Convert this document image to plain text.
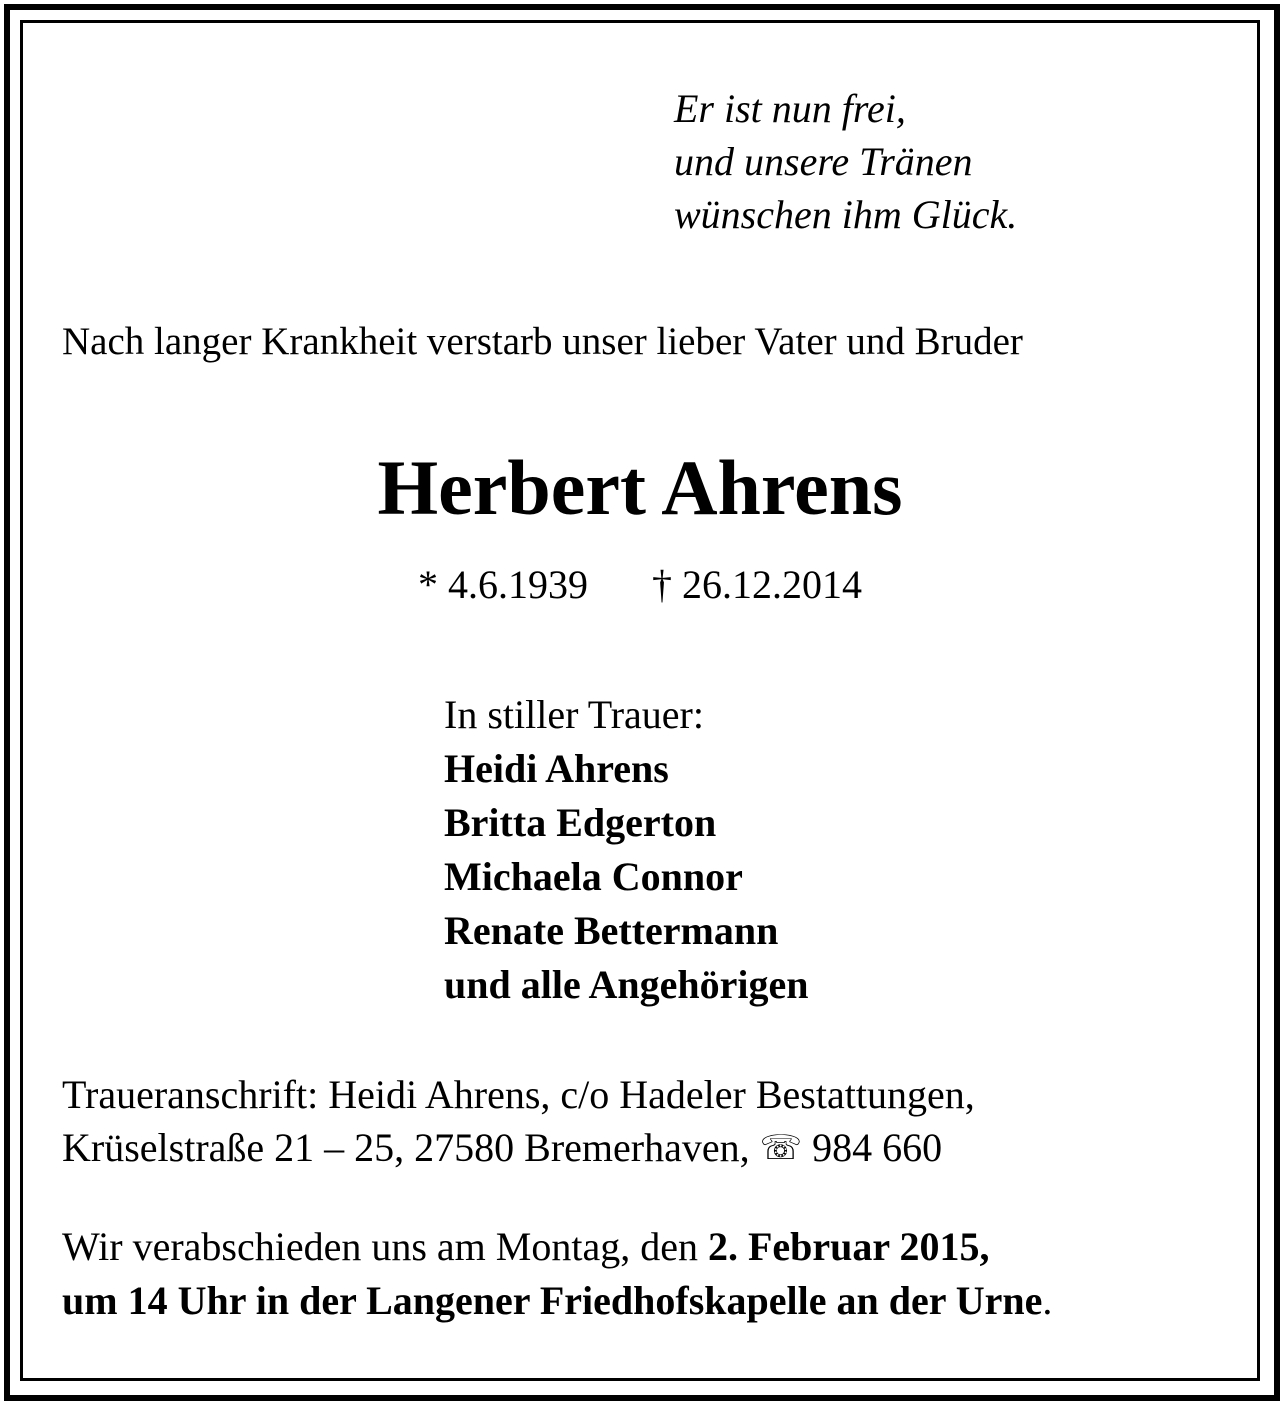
Er ist nun frei,
und unsere Tränen
wünschen ihm Glück.

Nach langer Krankheit verstarb unser lieber Vater und Bruder

Herbert Ahrens
* 4.6.1939 † 26.12.2014
In stiller Trauer:
Heidi Ahrens
Britta Edgerton
Michaela Connor
Renate Bettermann
und alle Angehörigen
Traueranschrift: Heidi Ahrens, c/o Hadeler Bestattungen,
Krüselstraße 21 – 25, 27580 Bremerhaven, ☏ 984 660
Wir verabschieden uns am Montag, den 2. Februar 2015,
um 14 Uhr in der Langener Friedhofskapelle an der Urne.
